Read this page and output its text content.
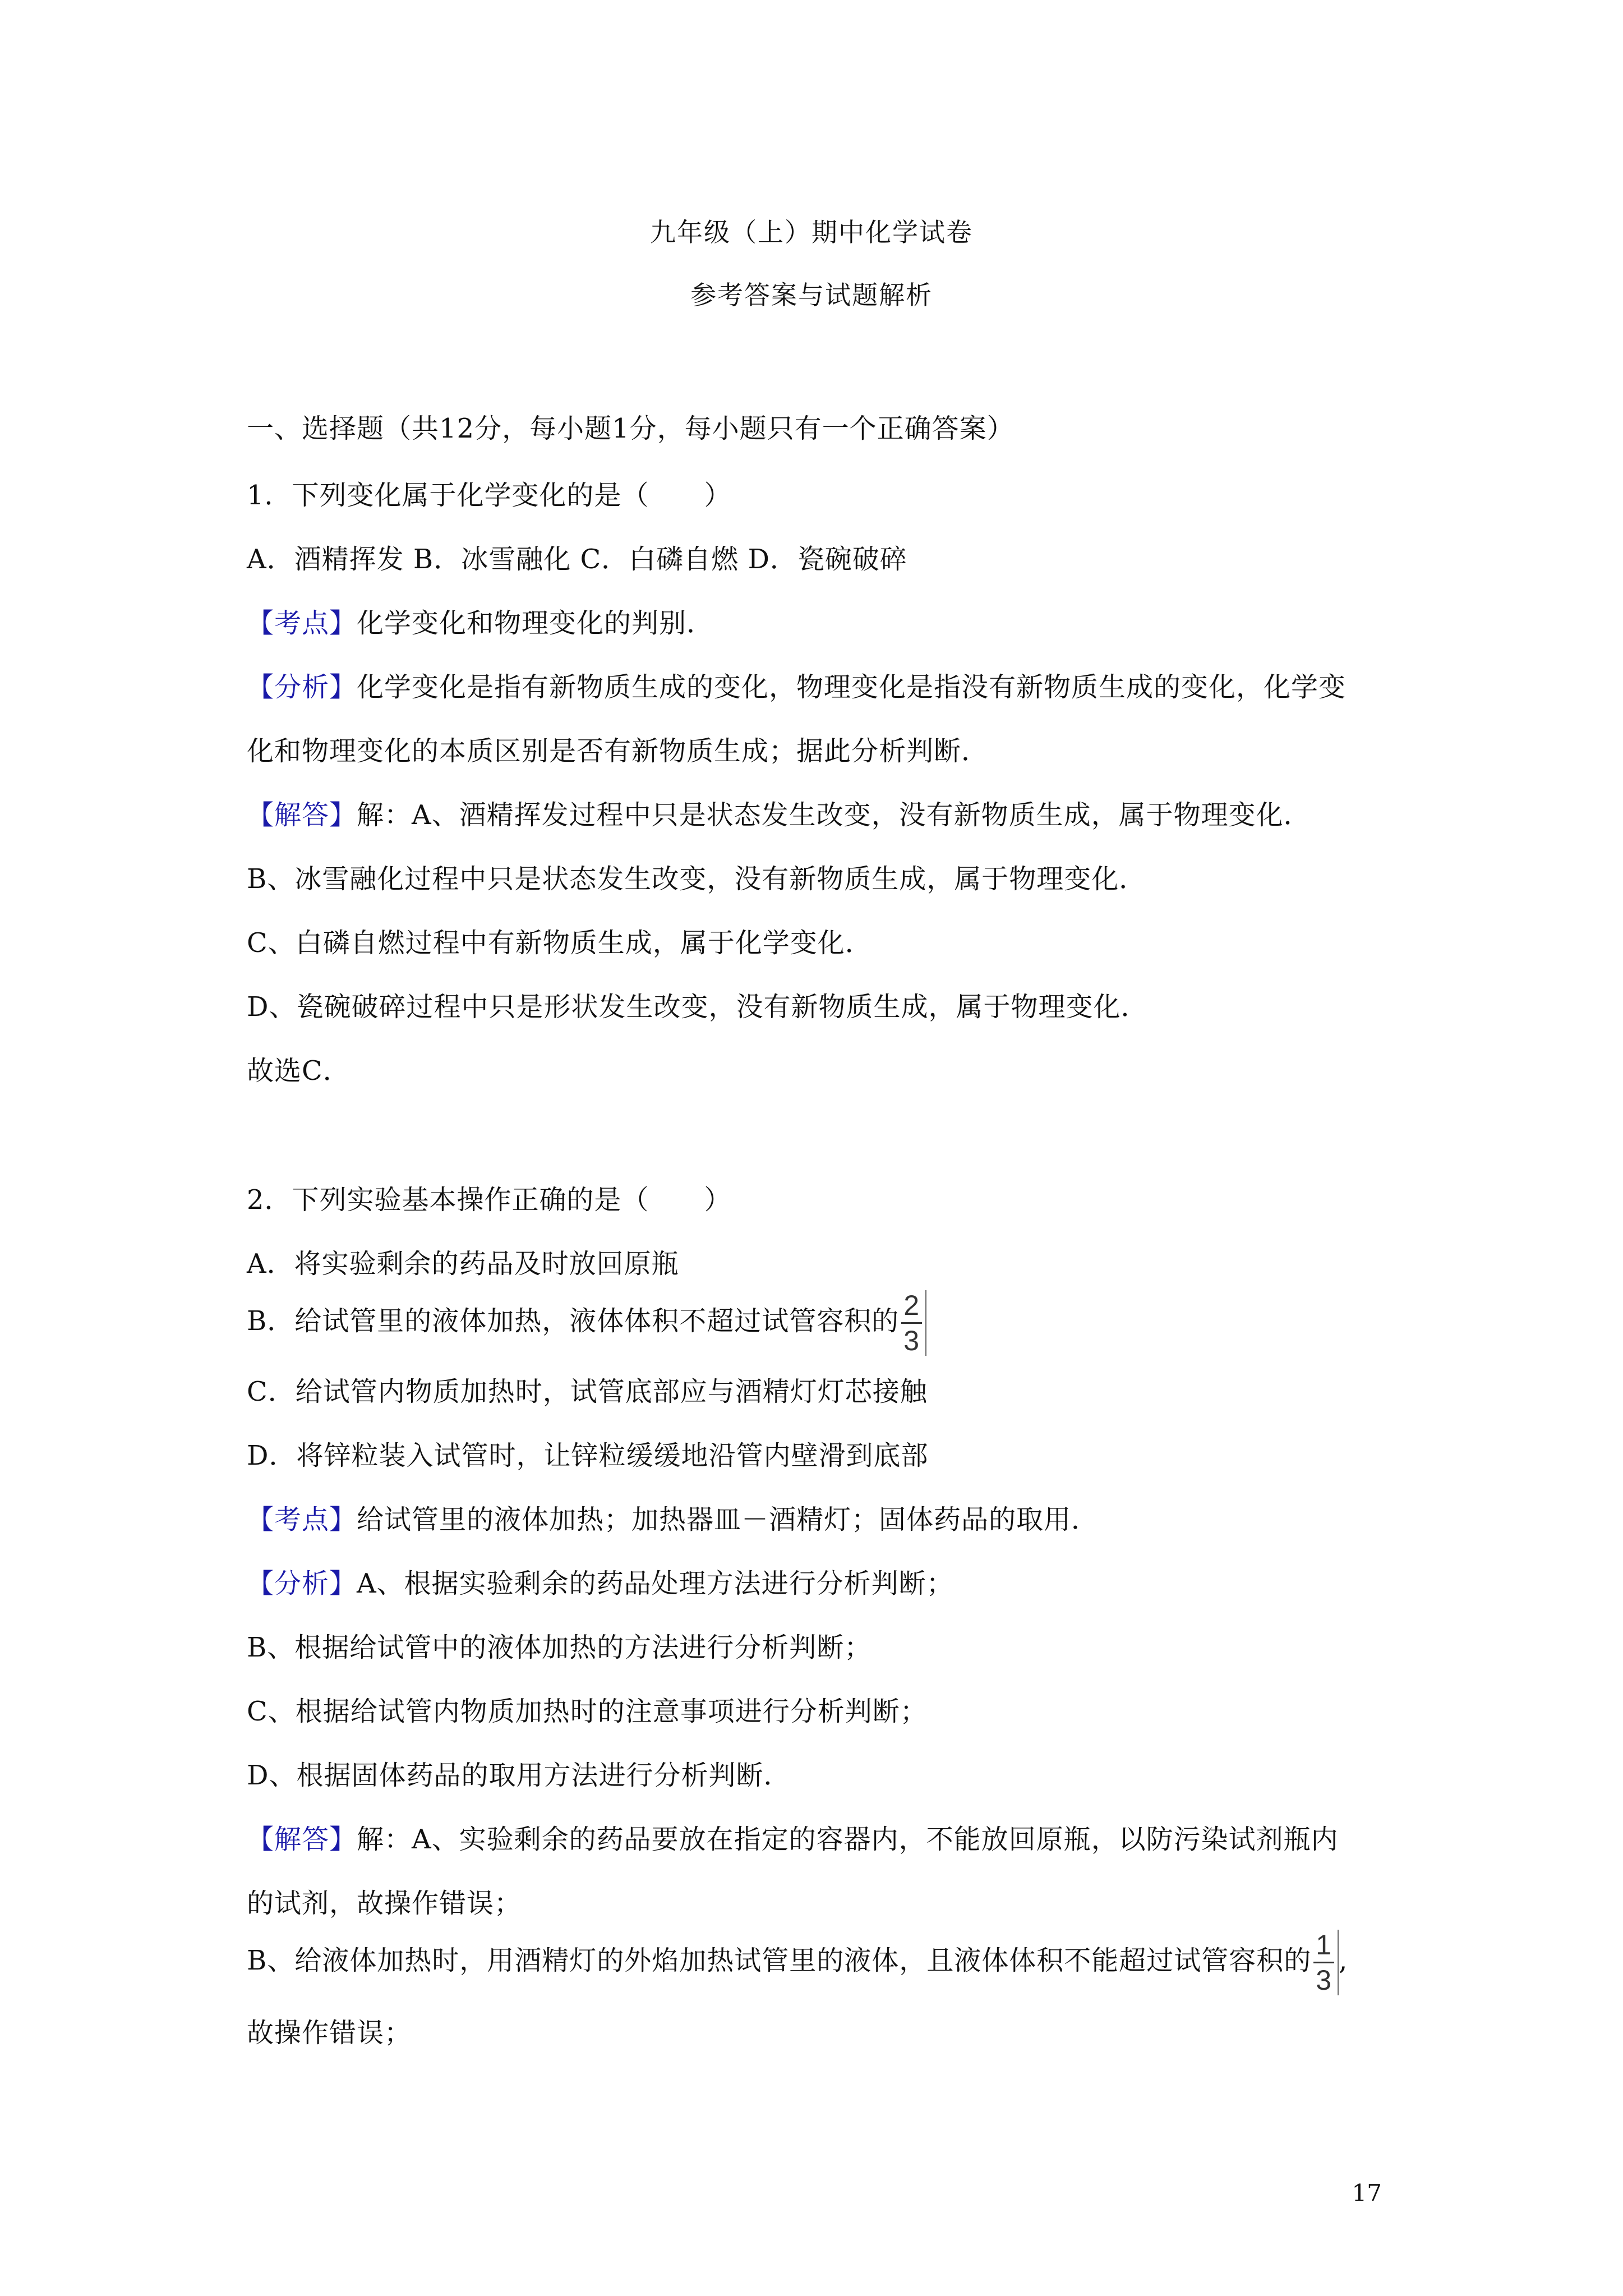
九年级（上）期中化学试卷
参考答案与试题解析
一、选择题（共12分，每小题1分，每小题只有一个正确答案）
1．下列变化属于化学变化的是（　　）
A．酒精挥发 B．冰雪融化 C．白磷自燃 D．瓷碗破碎
【考点】化学变化和物理变化的判别．
【分析】化学变化是指有新物质生成的变化，物理变化是指没有新物质生成的变化，化学变
化和物理变化的本质区别是否有新物质生成；据此分析判断．
【解答】解：A、酒精挥发过程中只是状态发生改变，没有新物质生成，属于物理变化．
B、冰雪融化过程中只是状态发生改变，没有新物质生成，属于物理变化．
C、白磷自燃过程中有新物质生成，属于化学变化．
D、瓷碗破碎过程中只是形状发生改变，没有新物质生成，属于物理变化．
故选C．
2．下列实验基本操作正确的是（　　）
A．将实验剩余的药品及时放回原瓶
B．给试管里的液体加热，液体体积不超过试管容积的 $\frac{2}{3}$
C．给试管内物质加热时，试管底部应与酒精灯灯芯接触
D．将锌粒装入试管时，让锌粒缓缓地沿管内壁滑到底部
【考点】给试管里的液体加热；加热器皿－酒精灯；固体药品的取用．
【分析】A、根据实验剩余的药品处理方法进行分析判断；
B、根据给试管中的液体加热的方法进行分析判断；
C、根据给试管内物质加热时的注意事项进行分析判断；
D、根据固体药品的取用方法进行分析判断．
【解答】解：A、实验剩余的药品要放在指定的容器内，不能放回原瓶，以防污染试剂瓶内
的试剂，故操作错误；
B、给液体加热时，用酒精灯的外焰加热试管里的液体，且液体体积不能超过试管容积的 $\frac{1}{3}$ ,
故操作错误；
17
